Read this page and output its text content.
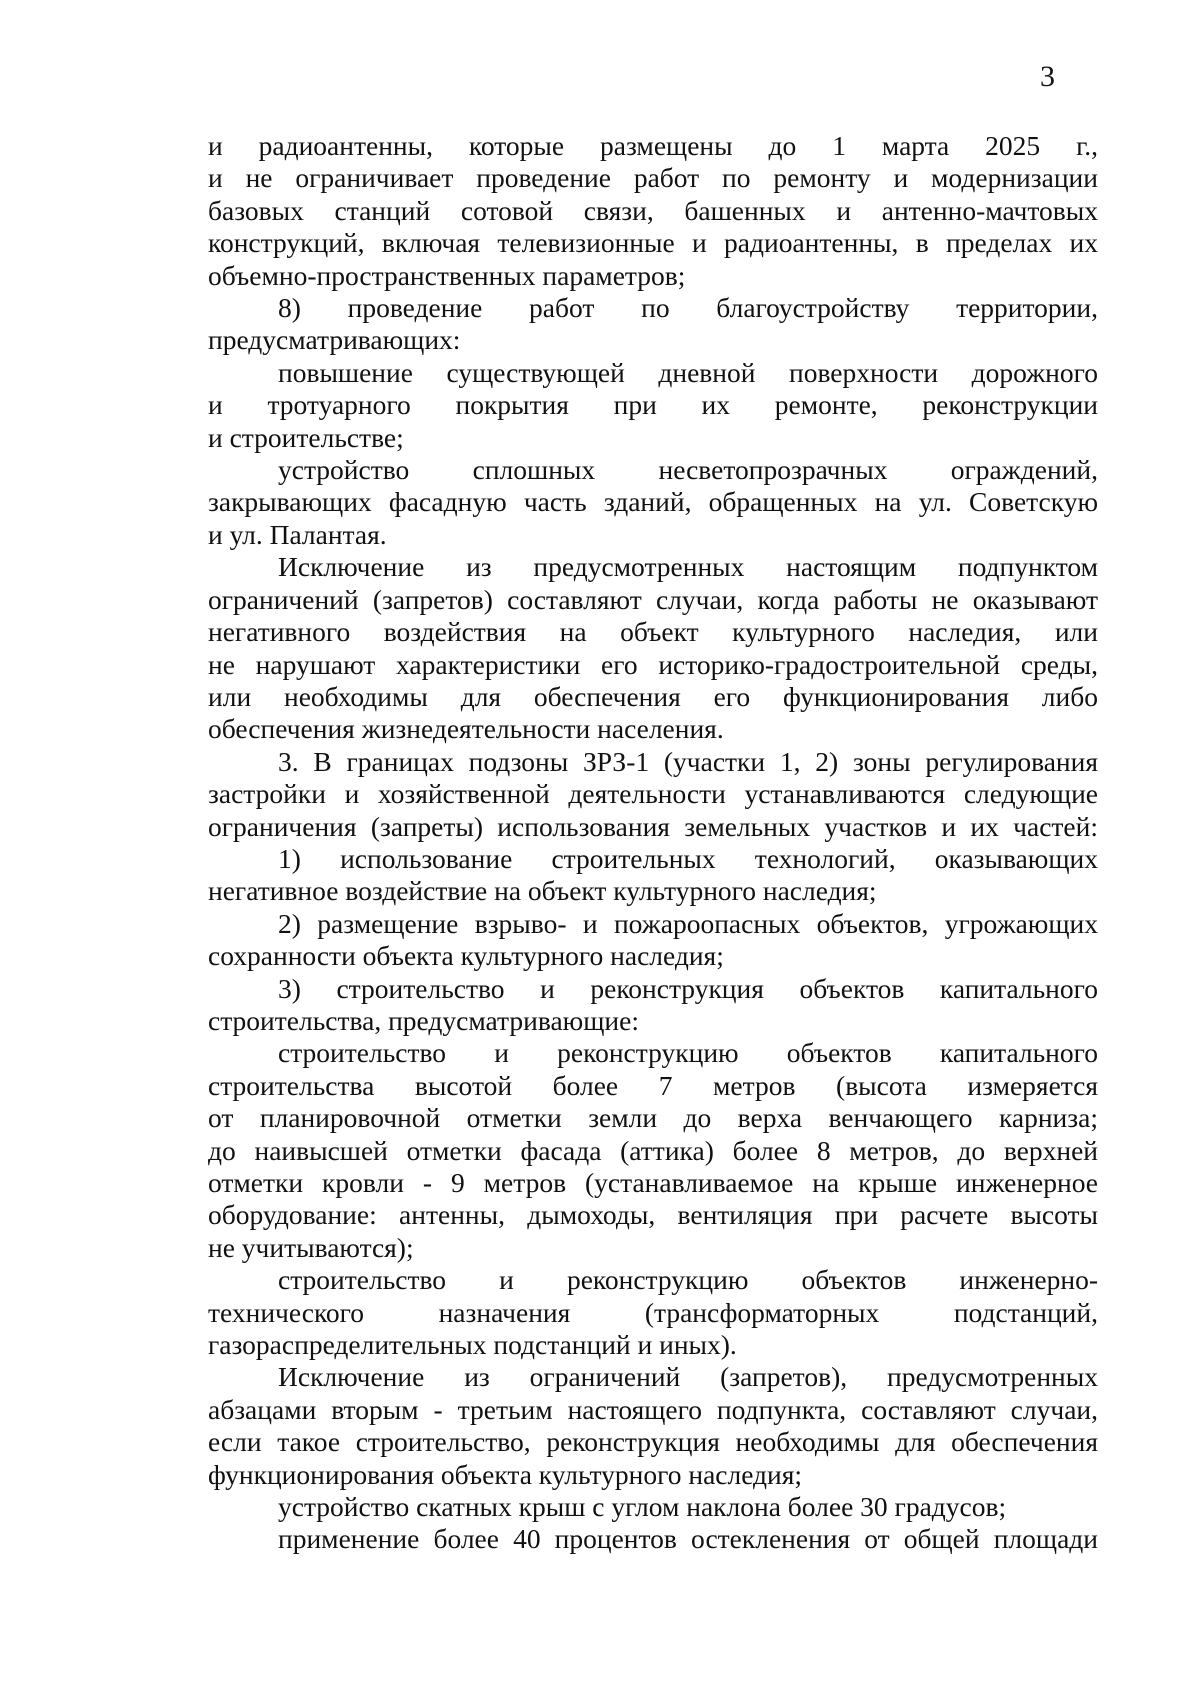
3
и радиоантенны, которые размещены до 1 марта 2025 г.,
и не ограничивает проведение работ по ремонту и модернизации
базовых станций сотовой связи, башенных и антенно-мачтовых
конструкций, включая телевизионные и радиоантенны, в пределах их
объемно-пространственных параметров;
8) проведение работ по благоустройству территории,
предусматривающих:
повышение существующей дневной поверхности дорожного
и тротуарного покрытия при их ремонте, реконструкции
и строительстве;
устройство сплошных несветопрозрачных ограждений,
закрывающих фасадную часть зданий, обращенных на ул. Советскую
и ул. Палантая.
Исключение из предусмотренных настоящим подпунктом
ограничений (запретов) составляют случаи, когда работы не оказывают
негативного воздействия на объект культурного наследия, или
не нарушают характеристики его историко-градостроительной среды,
или необходимы для обеспечения его функционирования либо
обеспечения жизнедеятельности населения.
3. В границах подзоны ЗРЗ-1 (участки 1, 2) зоны регулирования
застройки и хозяйственной деятельности устанавливаются следующие
ограничения (запреты) использования земельных участков и их частей:
1) использование строительных технологий, оказывающих
негативное воздействие на объект культурного наследия;
2) размещение взрыво- и пожароопасных объектов, угрожающих
сохранности объекта культурного наследия;
3) строительство и реконструкция объектов капитального
строительства, предусматривающие:
строительство и реконструкцию объектов капитального
строительства высотой более 7 метров (высота измеряется
от планировочной отметки земли до верха венчающего карниза;
до наивысшей отметки фасада (аттика) более 8 метров, до верхней
отметки кровли - 9 метров (устанавливаемое на крыше инженерное
оборудование: антенны, дымоходы, вентиляция при расчете высоты
не учитываются);
строительство и реконструкцию объектов инженерно-
технического назначения (трансформаторных подстанций,
газораспределительных подстанций и иных).
Исключение из ограничений (запретов), предусмотренных
абзацами вторым - третьим настоящего подпункта, составляют случаи,
если такое строительство, реконструкция необходимы для обеспечения
функционирования объекта культурного наследия;
устройство скатных крыш с углом наклона более 30 градусов;
применение более 40 процентов остекленения от общей площади
